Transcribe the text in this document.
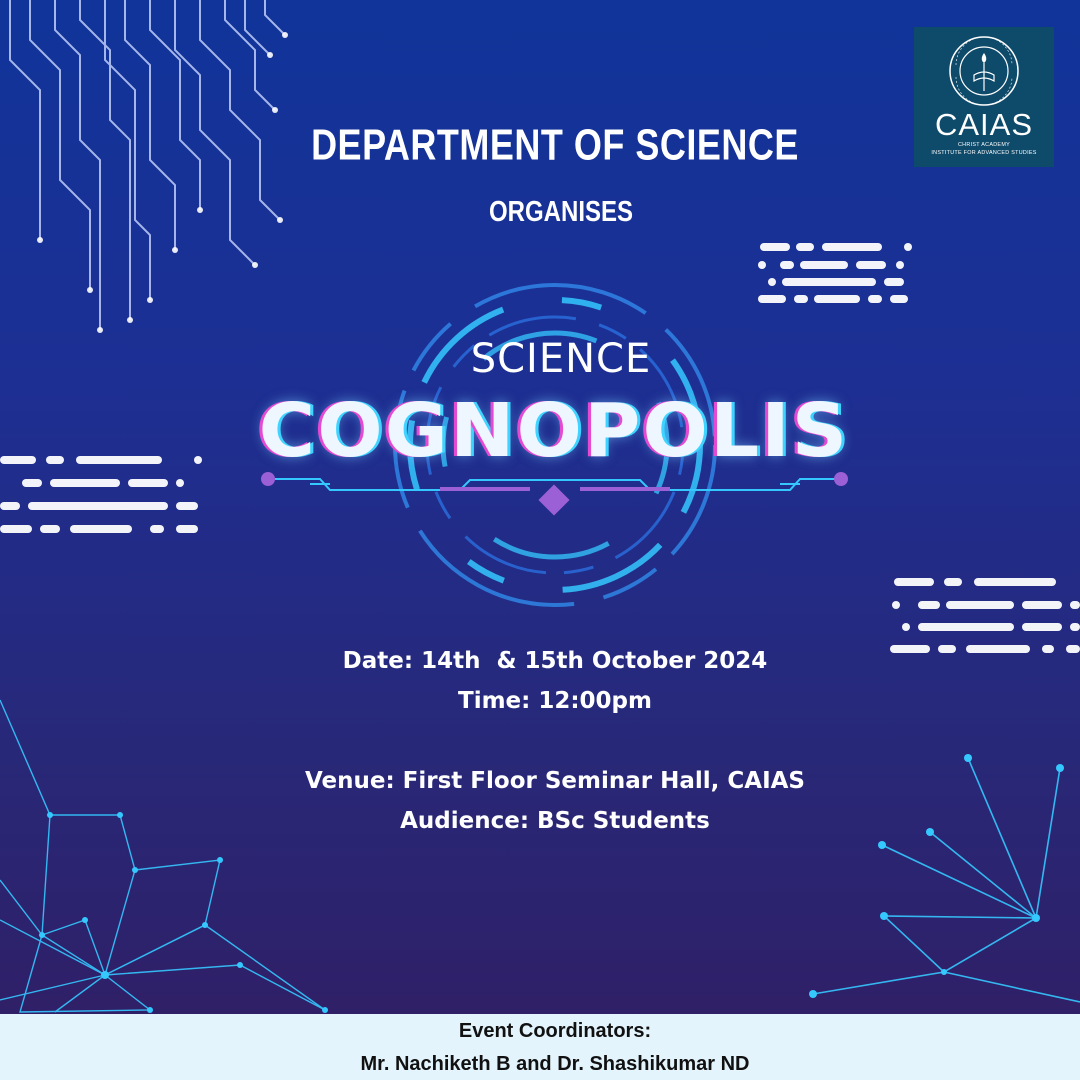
CAIAS
CHRIST ACADEMY
INSTITUTE FOR ADVANCED STUDIES
DEPARTMENT OF SCIENCE
ORGANISES
SCIENCE
COGNOPOLIS
Date: 14th  & 15th October 2024
Time: 12:00pm
Venue: First Floor Seminar Hall, CAIAS
Audience: BSc Students
Event Coordinators:
Mr. Nachiketh B and Dr. Shashikumar ND
